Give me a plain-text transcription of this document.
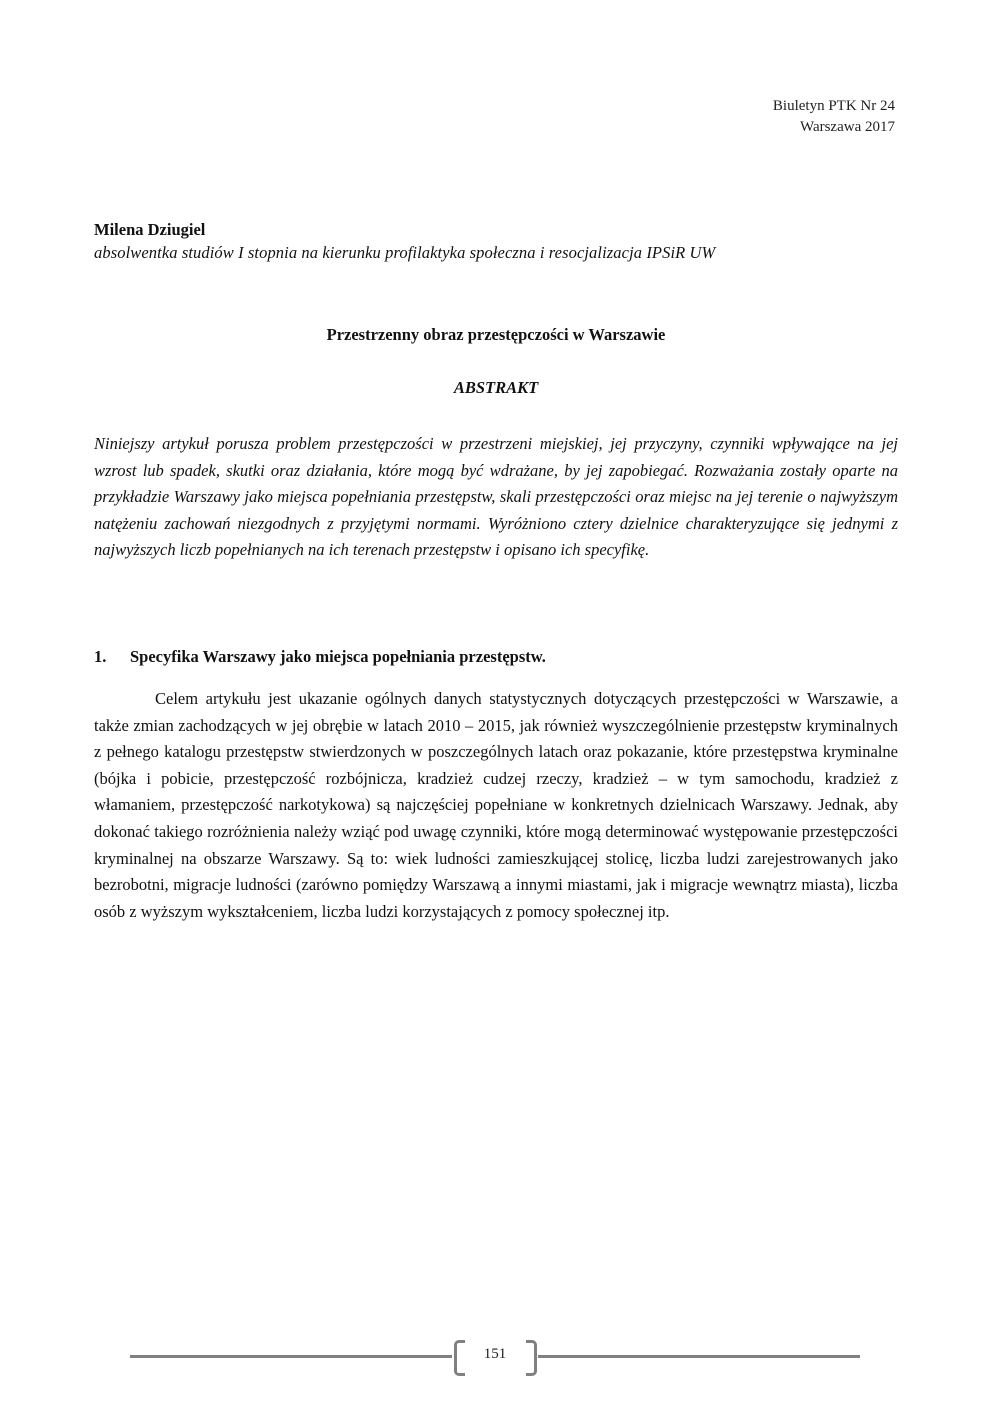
Biuletyn PTK Nr 24
Warszawa 2017
Milena Dziugiel
absolwentka studiów I stopnia na kierunku profilaktyka społeczna i resocjalizacja IPSiR UW
Przestrzenny obraz przestępczości w Warszawie
ABSTRAKT
Niniejszy artykuł porusza problem przestępczości w przestrzeni miejskiej, jej przyczyny, czynniki wpływające na jej wzrost lub spadek, skutki oraz działania, które mogą być wdrażane, by jej zapobiegać. Rozważania zostały oparte na przykładzie Warszawy jako miejsca popełniania przestępstw, skali przestępczości oraz miejsc na jej terenie o najwyższym natężeniu zachowań niezgodnych z przyjętymi normami. Wyróżniono cztery dzielnice charakteryzujące się jednymi z najwyższych liczb popełnianych na ich terenach przestępstw i opisano ich specyfikę.
1.	Specyfika Warszawy jako miejsca popełniania przestępstw.
Celem artykułu jest ukazanie ogólnych danych statystycznych dotyczących przestępczości w Warszawie, a także zmian zachodzących w jej obrębie w latach 2010 – 2015, jak również wyszczególnienie przestępstw kryminalnych z pełnego katalogu przestępstw stwierdzonych w poszczególnych latach oraz pokazanie, które przestępstwa kryminalne (bójka i pobicie, przestępczość rozbójnicza, kradzież cudzej rzeczy, kradzież – w tym samochodu, kradzież z włamaniem, przestępczość narkotykowa) są najczęściej popełniane w konkretnych dzielnicach Warszawy. Jednak, aby dokonać takiego rozróżnienia należy wziąć pod uwagę czynniki, które mogą determinować występowanie przestępczości kryminalnej na obszarze Warszawy. Są to: wiek ludności zamieszkującej stolicę, liczba ludzi zarejestrowanych jako bezrobotni, migracje ludności (zarówno pomiędzy Warszawą a innymi miastami, jak i migracje wewnątrz miasta), liczba osób z wyższym wykształceniem, liczba ludzi korzystających z pomocy społecznej itp.
151
